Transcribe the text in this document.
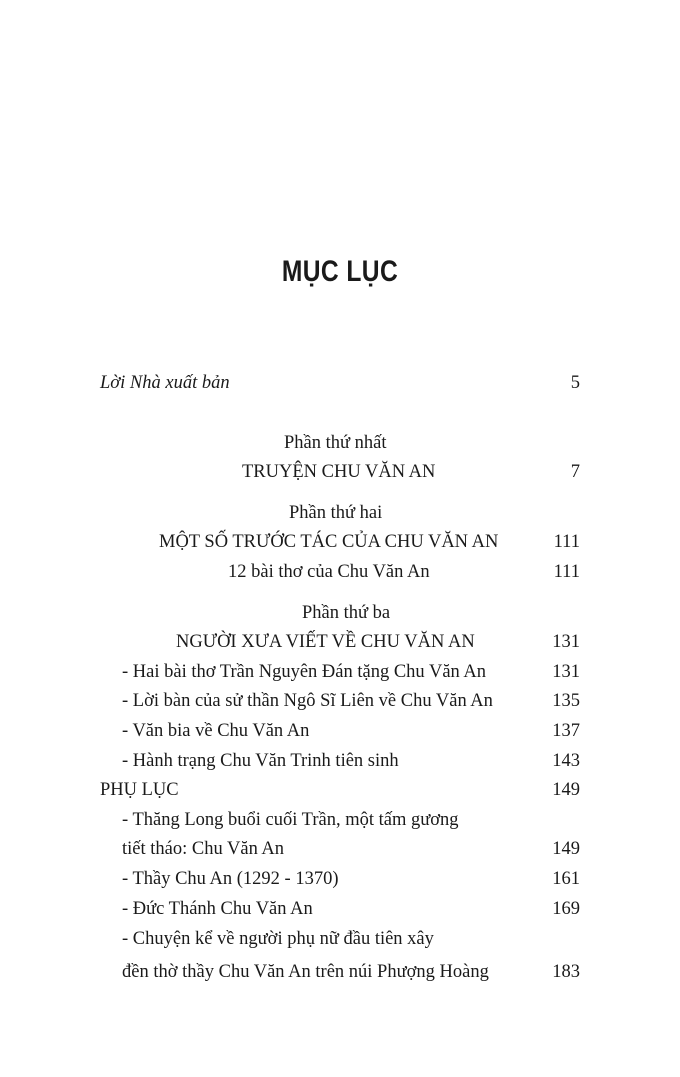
MỤC LỤC
Lời Nhà xuất bản	5
Phần thứ nhất
TRUYỆN CHU VĂN AN	7
Phần thứ hai
MỘT SỐ TRƯỚC TÁC CỦA CHU VĂN AN	111
12 bài thơ của Chu Văn An	111
Phần thứ ba
NGƯỜI XƯA VIẾT VỀ CHU VĂN AN	131
- Hai bài thơ Trần Nguyên Đán tặng Chu Văn An	131
- Lời bàn của sử thần Ngô Sĩ Liên về Chu Văn An	135
- Văn bia về Chu Văn An	137
- Hành trạng Chu Văn Trinh tiên sinh	143
PHỤ LỤC	149
- Thăng Long buổi cuối Trần, một tấm gương
tiết tháo: Chu Văn An	149
- Thầy Chu An (1292 - 1370)	161
- Đức Thánh Chu Văn An	169
- Chuyện kể về người phụ nữ đầu tiên xây
đền thờ thầy Chu Văn An trên núi Phượng Hoàng	183
